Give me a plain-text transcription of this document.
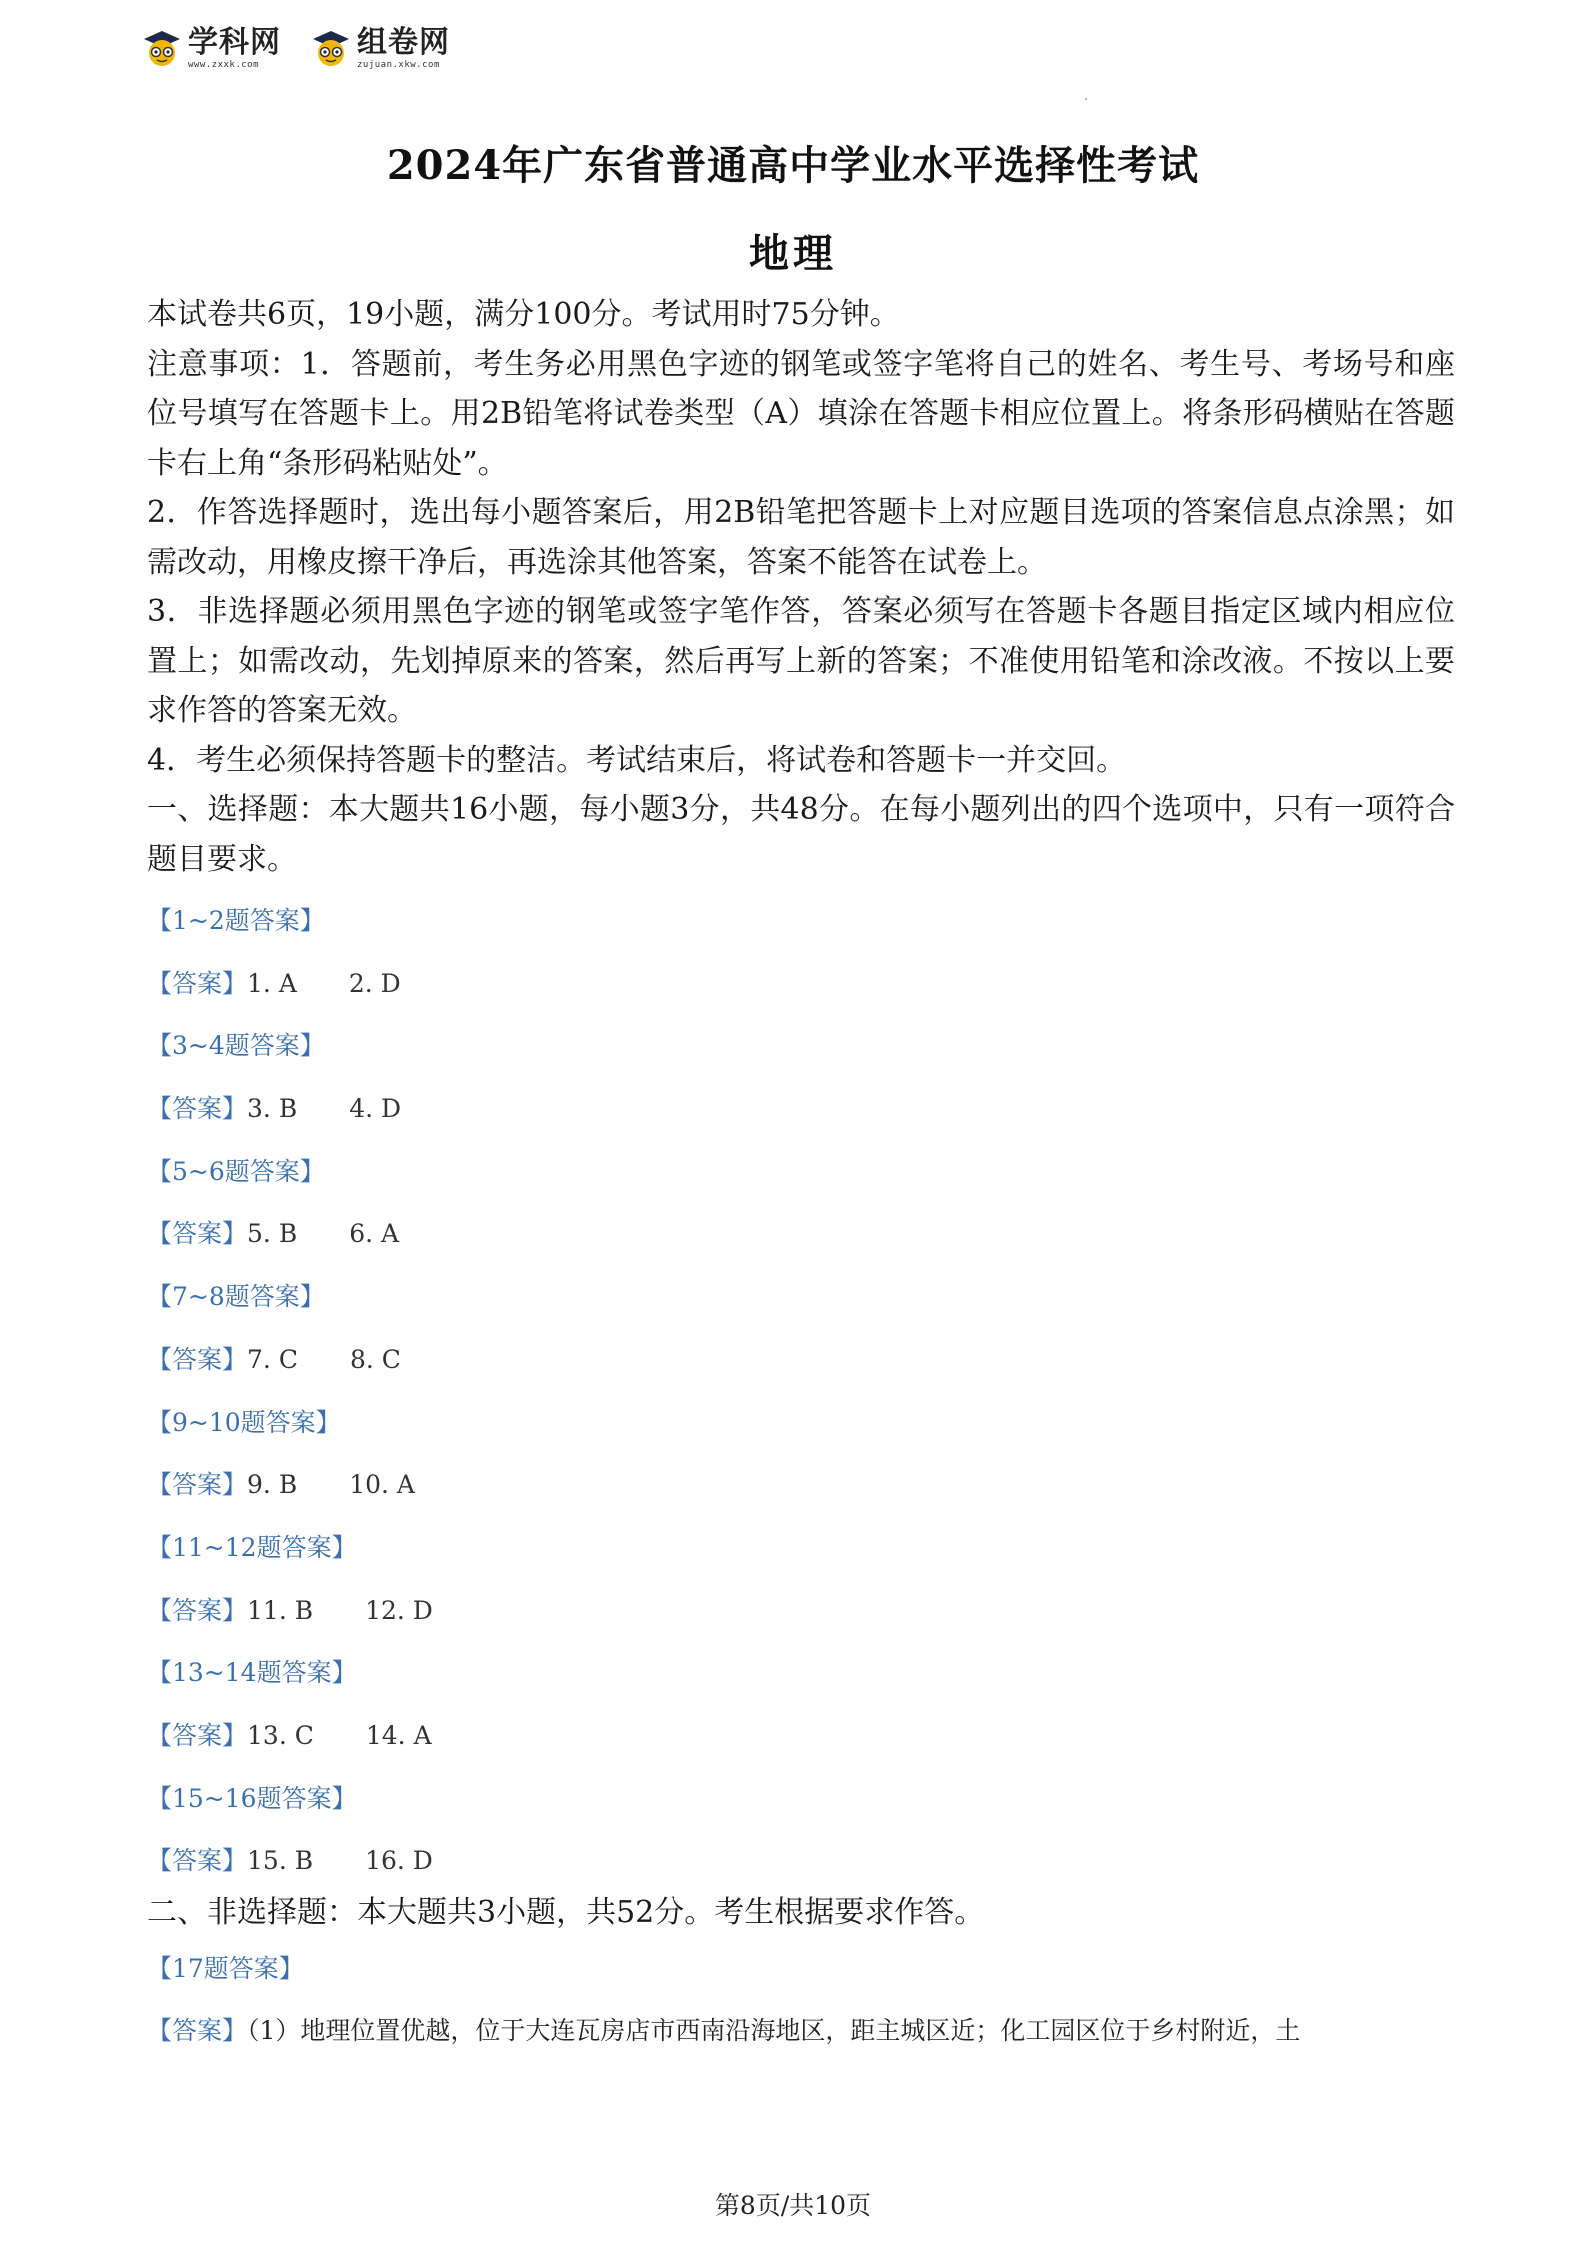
学科网
www.zxxk.com
组卷网
zujuan.xkw.com
2024年广东省普通高中学业水平选择性考试
地理

本试卷共6页，19小题，满分100分。考试用时75分钟。

注意事项：1．答题前，考生务必用黑色字迹的钢笔或签字笔将自己的姓名、考生号、考场号和座位号填写在答题卡上。用2B铅笔将试卷类型（A）填涂在答题卡相应位置上。将条形码横贴在答题卡右上角“条形码粘贴处”。

2．作答选择题时，选出每小题答案后，用2B铅笔把答题卡上对应题目选项的答案信息点涂黑；如需改动，用橡皮擦干净后，再选涂其他答案，答案不能答在试卷上。

3．非选择题必须用黑色字迹的钢笔或签字笔作答，答案必须写在答题卡各题目指定区域内相应位置上；如需改动，先划掉原来的答案，然后再写上新的答案；不准使用铅笔和涂改液。不按以上要求作答的答案无效。

4．考生必须保持答题卡的整洁。考试结束后，将试卷和答题卡一并交回。

一、选择题：本大题共16小题，每小题3分，共48分。在每小题列出的四个选项中，只有一项符合题目要求。

【1~2题答案】
【答案】1. A 2. D
【3~4题答案】
【答案】3. B 4. D
【5~6题答案】
【答案】5. B 6. A
【7~8题答案】
【答案】7. C 8. C
【9~10题答案】
【答案】9. B 10. A
【11~12题答案】
【答案】11. B 12. D
【13~14题答案】
【答案】13. C 14. A
【15~16题答案】
【答案】15. B 16. D

二、非选择题：本大题共3小题，共52分。考生根据要求作答。

【17题答案】
【答案】（1）地理位置优越，位于大连瓦房店市西南沿海地区，距主城区近；化工园区位于乡村附近，土
第8页/共10页
